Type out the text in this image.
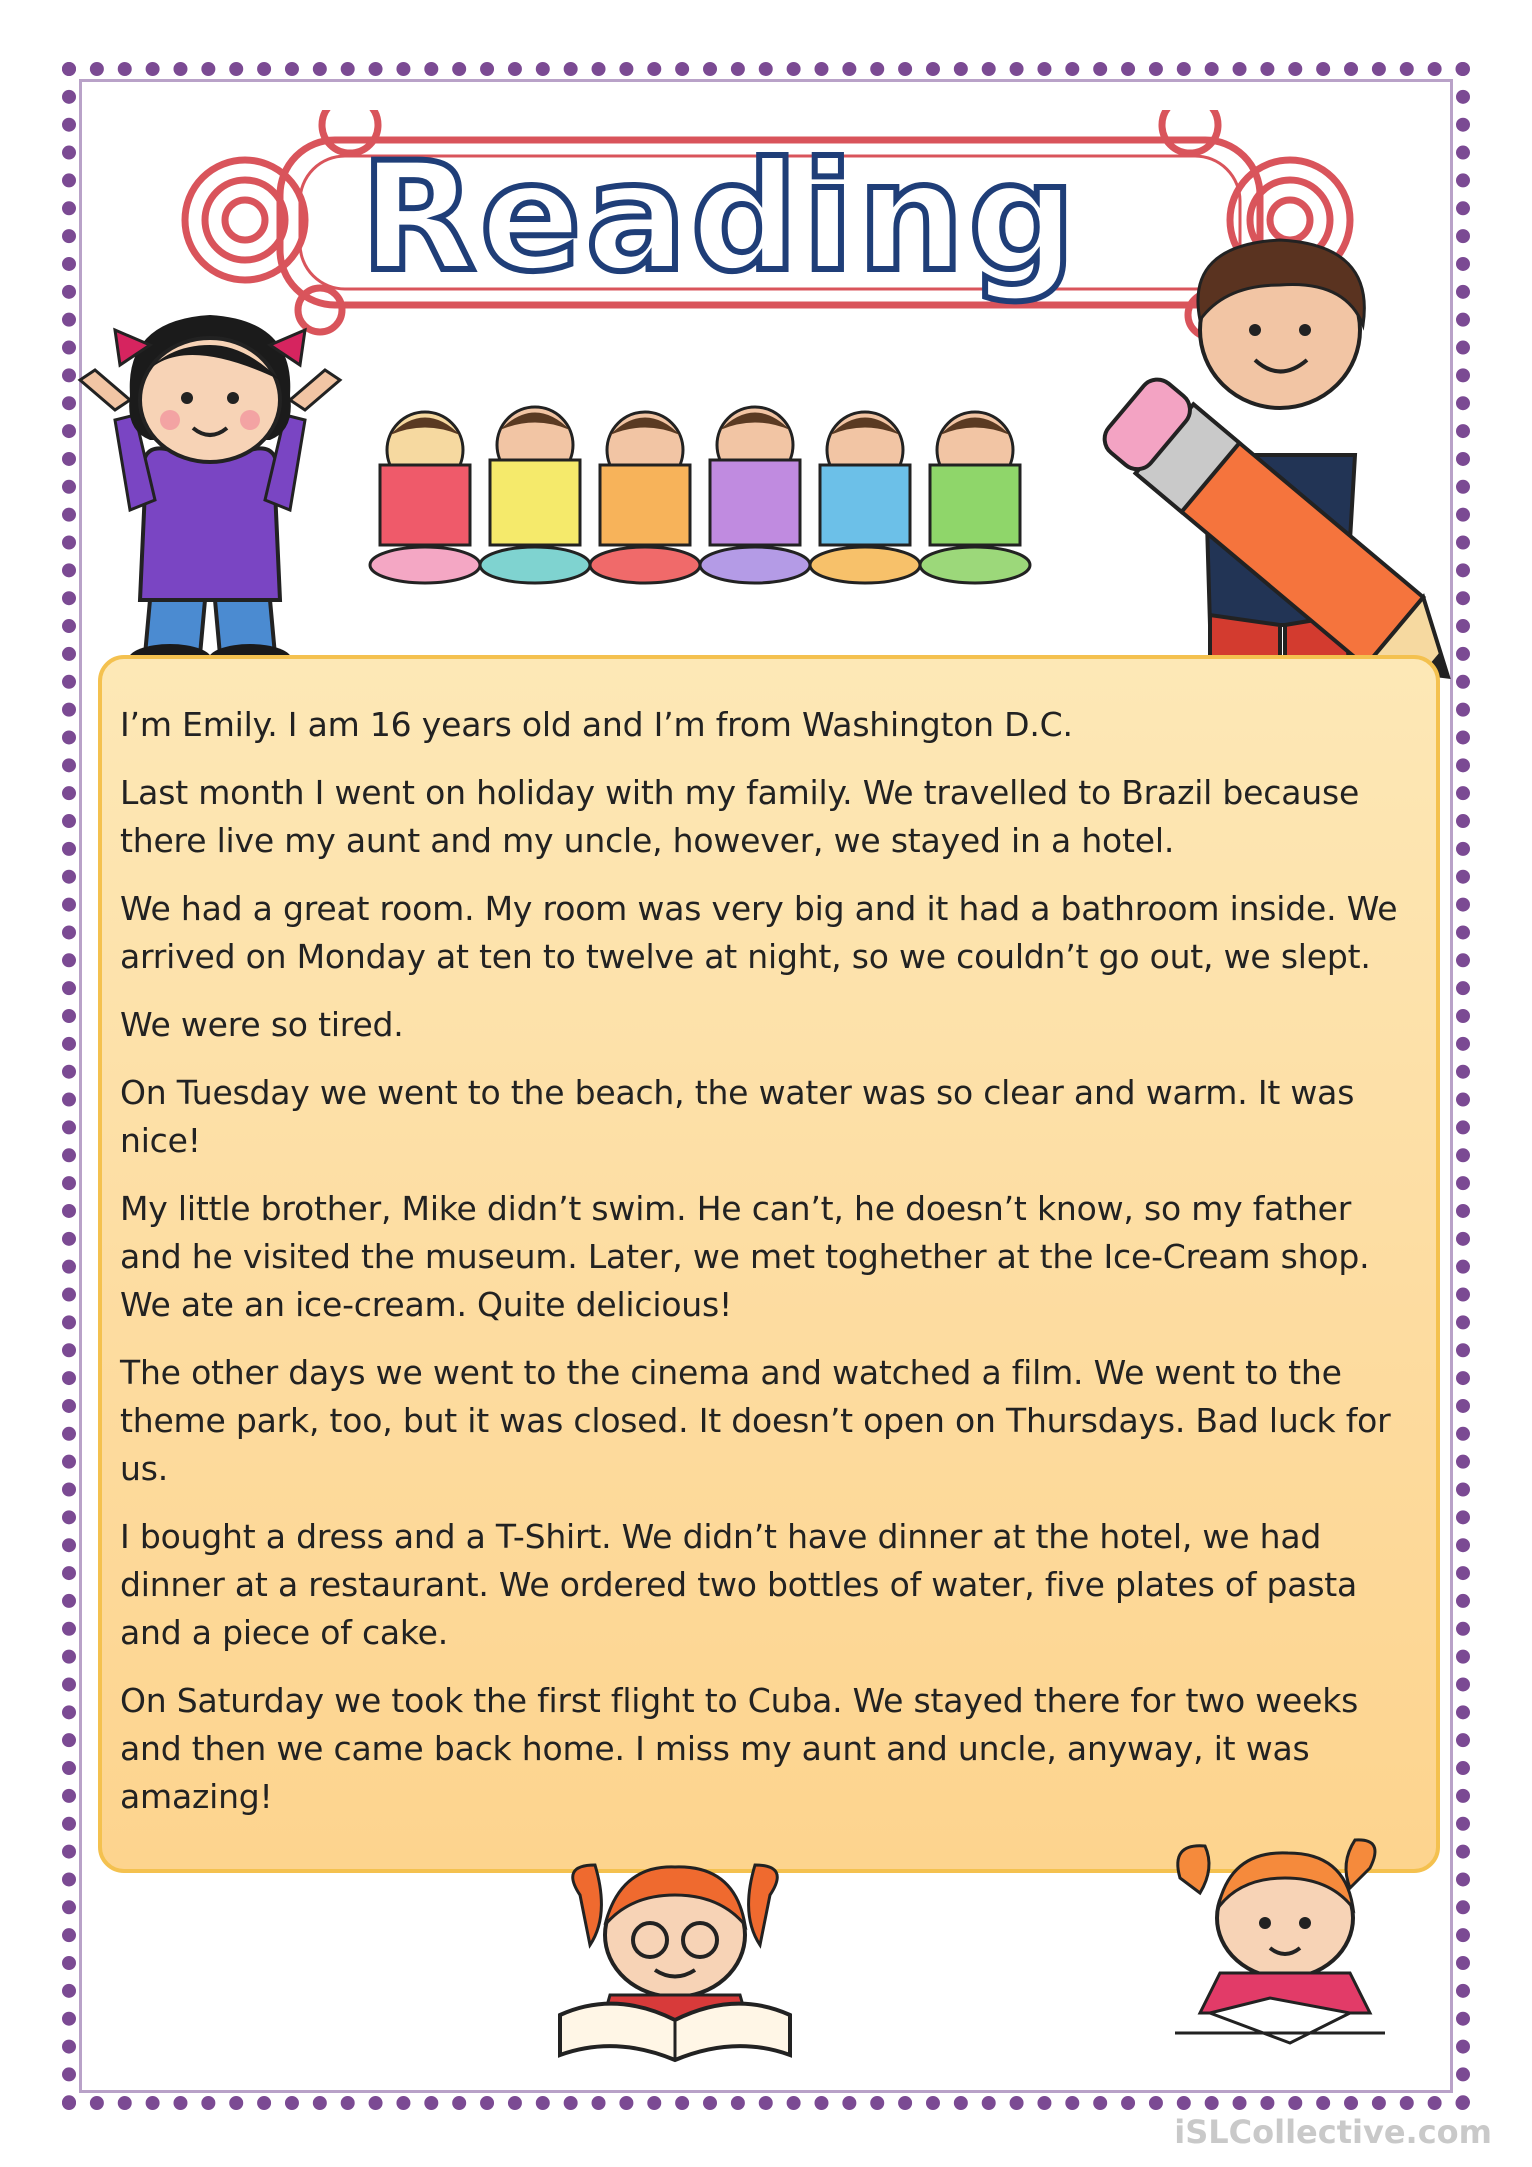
Reading

I’m Emily. I am 16 years old and I’m from Washington D.C.

Last month I went on holiday with my family. We travelled to Brazil because there live my aunt and my uncle, however, we stayed in a hotel.

We had a great room. My room was very big and it had a bathroom inside. We arrived on Monday at ten to twelve at night, so we couldn’t go out, we slept.

We were so tired.

On Tuesday we went to the beach, the water was so clear and warm. It was nice!

My little brother, Mike didn’t swim. He can’t, he doesn’t know, so my father and he visited the museum. Later, we met toghether at the Ice-Cream shop. We ate an ice-cream. Quite delicious!

The other days we went to the cinema and watched a film. We went to the theme park, too, but it was closed. It doesn’t open on Thursdays. Bad luck for us.

I bought a dress and a T-Shirt. We didn’t have dinner at the hotel, we had dinner at a restaurant. We ordered two bottles of water, five plates of pasta and a piece of cake.

On Saturday we took the first flight to Cuba. We stayed there for two weeks and then we came back home. I miss my aunt and uncle, anyway, it was amazing!

iSLCollective.com
